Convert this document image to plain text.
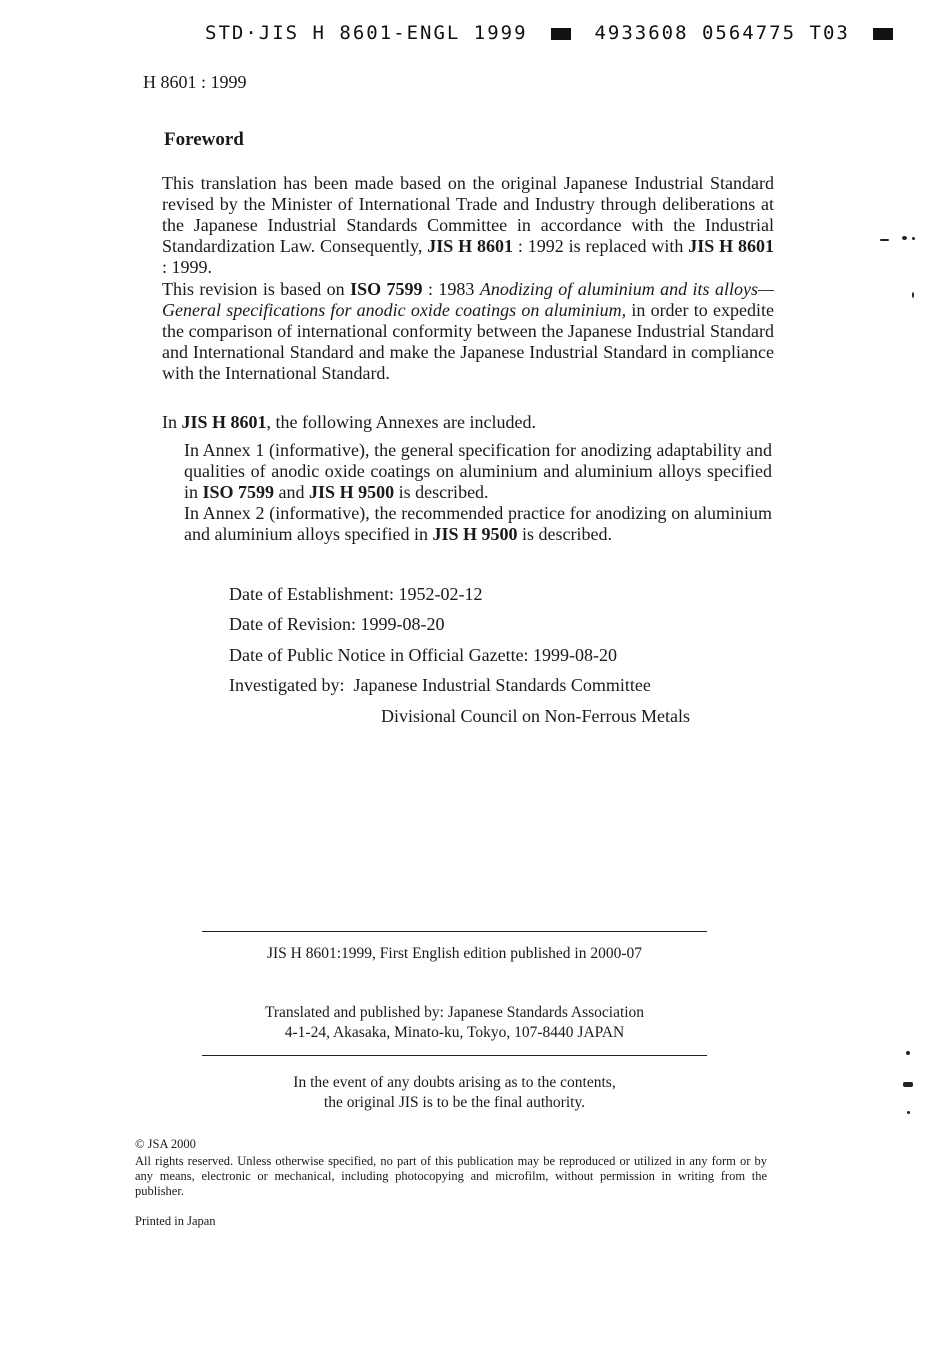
STD·JIS H 8601-ENGL 1999	4933608 0564775 T03
H 8601 : 1999
Foreword
This translation has been made based on the original Japanese Industrial Standard revised by the Minister of International Trade and Industry through deliberations at the Japanese Industrial Standards Committee in accordance with the Industrial Standardization Law. Consequently, JIS H 8601 : 1992 is replaced with JIS H 8601 : 1999.
This revision is based on ISO 7599 : 1983 Anodizing of aluminium and its alloys—General specifications for anodic oxide coatings on aluminium, in order to expedite the comparison of international conformity between the Japanese Industrial Standard and International Standard and make the Japanese Industrial Standard in compliance with the International Standard.
In JIS H 8601, the following Annexes are included.
In Annex 1 (informative), the general specification for anodizing adaptability and qualities of anodic oxide coatings on aluminium and aluminium alloys specified in ISO 7599 and JIS H 9500 is described.
In Annex 2 (informative), the recommended practice for anodizing on aluminium and aluminium alloys specified in JIS H 9500 is described.
Date of Establishment: 1952-02-12
Date of Revision: 1999-08-20
Date of Public Notice in Official Gazette: 1999-08-20
Investigated by: Japanese Industrial Standards Committee
Divisional Council on Non-Ferrous Metals
JIS H 8601:1999, First English edition published in 2000-07
Translated and published by: Japanese Standards Association
4-1-24, Akasaka, Minato-ku, Tokyo, 107-8440 JAPAN
In the event of any doubts arising as to the contents,
the original JIS is to be the final authority.
© JSA 2000
All rights reserved. Unless otherwise specified, no part of this publication may be reproduced or utilized in any form or by any means, electronic or mechanical, including photocopying and microfilm, without permission in writing from the publisher.
Printed in Japan
